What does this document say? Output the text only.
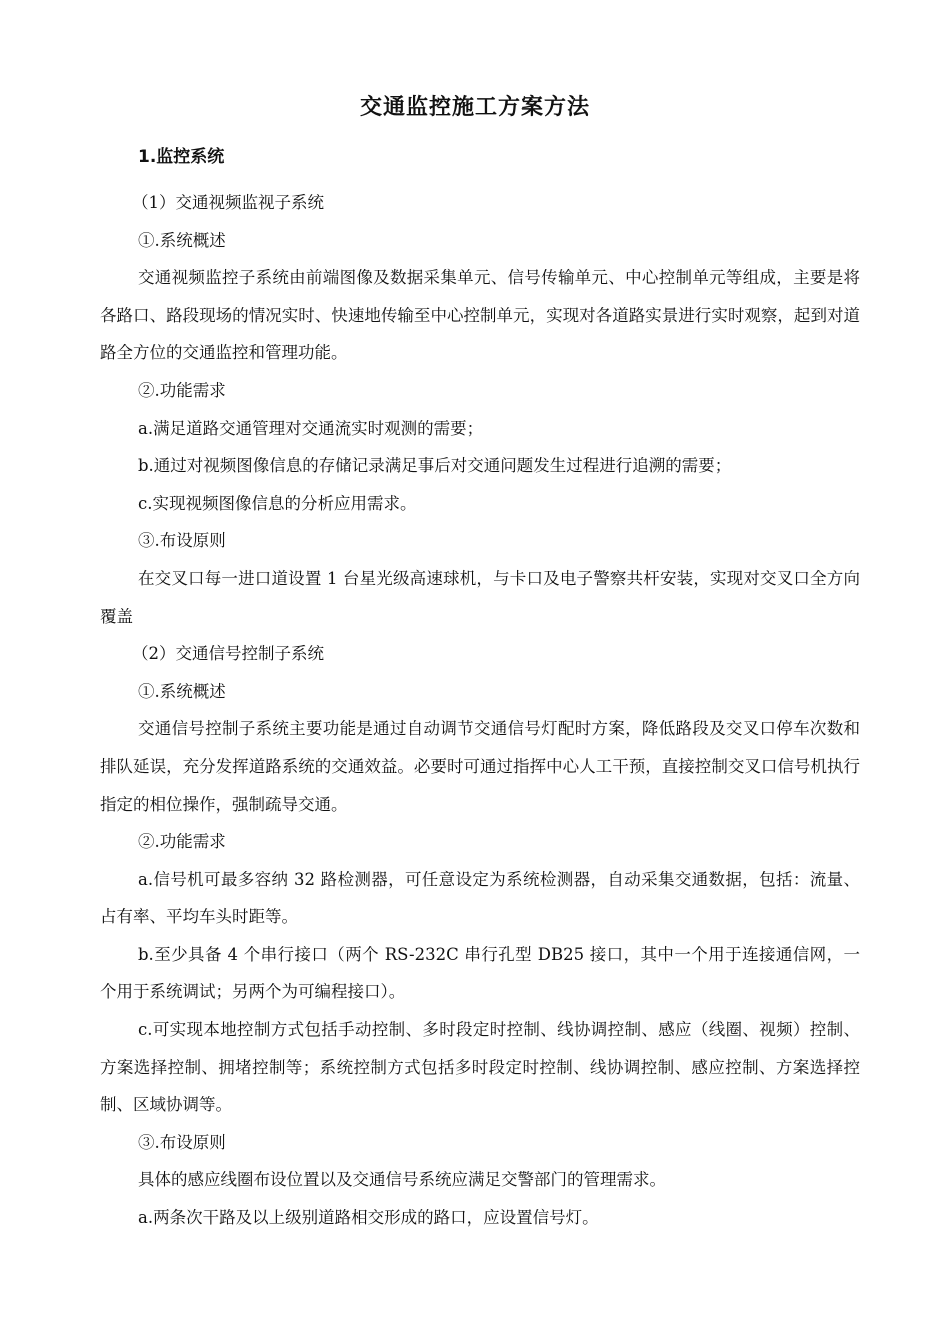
交通监控施工方案方法
1.监控系统

（1）交通视频监视子系统

①.系统概述

交通视频监控子系统由前端图像及数据采集单元、信号传输单元、中心控制单元等组成，主要是将各路口、路段现场的情况实时、快速地传输至中心控制单元，实现对各道路实景进行实时观察，起到对道路全方位的交通监控和管理功能。

②.功能需求

a.满足道路交通管理对交通流实时观测的需要；

b.通过对视频图像信息的存储记录满足事后对交通问题发生过程进行追溯的需要；

c.实现视频图像信息的分析应用需求。

③.布设原则

在交叉口每一进口道设置 1 台星光级高速球机，与卡口及电子警察共杆安装，实现对交叉口全方向覆盖

（2）交通信号控制子系统

①.系统概述

交通信号控制子系统主要功能是通过自动调节交通信号灯配时方案，降低路段及交叉口停车次数和排队延误，充分发挥道路系统的交通效益。必要时可通过指挥中心人工干预，直接控制交叉口信号机执行指定的相位操作，强制疏导交通。

②.功能需求

a.信号机可最多容纳 32 路检测器，可任意设定为系统检测器，自动采集交通数据，包括：流量、占有率、平均车头时距等。

b.至少具备 4 个串行接口（两个 RS-232C 串行孔型 DB25 接口，其中一个用于连接通信网，一个用于系统调试；另两个为可编程接口）。

c.可实现本地控制方式包括手动控制、多时段定时控制、线协调控制、感应（线圈、视频）控制、方案选择控制、拥堵控制等；系统控制方式包括多时段定时控制、线协调控制、感应控制、方案选择控制、区域协调等。

③.布设原则

具体的感应线圈布设位置以及交通信号系统应满足交警部门的管理需求。

a.两条次干路及以上级别道路相交形成的路口，应设置信号灯。
